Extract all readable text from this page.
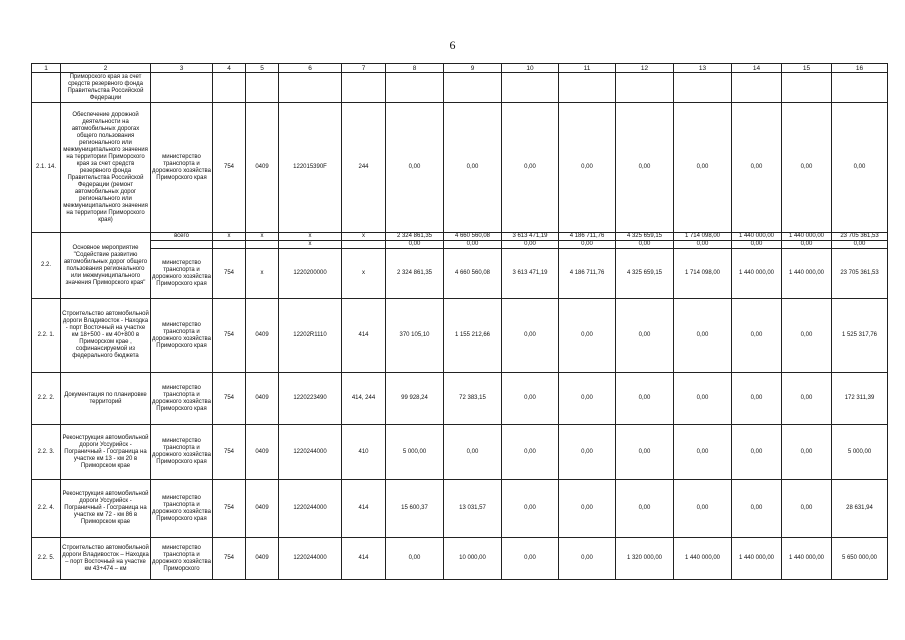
6
1	2	3	4	5	6	7	8	9	10	11	12	13	14	15	16
	Приморского края за счет средств резервного фонда Правительства Российской Федерации														
2.1. 14.	Обеспечение дорожной деятельности на автомобильных дорогах общего пользования регионального или межмуниципального значения на территории Приморского края за счет средств резервного фонда Правительства Российской Федерации (ремонт автомобильных дорог регионального или межмуниципального значения на территории Приморского края)	министерство транспорта и дорожного хозяйства Приморского края	754	0409	122015390F	244	0,00	0,00	0,00	0,00	0,00	0,00	0,00	0,00	0,00
2.2.	Основное мероприятие "Содействие развитию автомобильных дорог общего пользования регионального или межмуниципального значения Приморского края"	всего	x	x	x	x	2 324 861,35	4 660 560,08	3 613 471,19	4 186 711,76	4 325 659,15	1 714 098,00	1 440 000,00	1 440 000,00	23 705 361,53
					x		0,00	0,00	0,00	0,00	0,00	0,00	0,00	0,00	0,00
		министерство транспорта и дорожного хозяйства Приморского края	754	x	1220200000	x	2 324 861,35	4 660 560,08	3 613 471,19	4 186 711,76	4 325 659,15	1 714 098,00	1 440 000,00	1 440 000,00	23 705 361,53
2.2. 1.	Строительство автомобильной дороги Владивосток - Находка - порт Восточный на участке км 18+500 - км 40+800 в Приморском крае , софинансируемой из федерального бюджета	министерство транспорта и дорожного хозяйства Приморского края	754	0409	12202R1110	414	370 105,10	1 155 212,66	0,00	0,00	0,00	0,00	0,00	0,00	1 525 317,76
2.2. 2.	Документация по планировке территорий	министерство транспорта и дорожного хозяйства Приморского края	754	0409	1220223490	414, 244	99 928,24	72 383,15	0,00	0,00	0,00	0,00	0,00	0,00	172 311,39
2.2. 3.	Реконструкция автомобильной дороги Уссурийск - Пограничный - Госграница на участке км 13 - км 20 в Приморском крае	министерство транспорта и дорожного хозяйства Приморского края	754	0409	1220244000	410	5 000,00	0,00	0,00	0,00	0,00	0,00	0,00	0,00	5 000,00
2.2. 4.	Реконструкция автомобильной дороги Уссурийск - Пограничный - Госграница на участке км 72 - км 86 в Приморском крае	министерство транспорта и дорожного хозяйства Приморского края	754	0409	1220244000	414	15 600,37	13 031,57	0,00	0,00	0,00	0,00	0,00	0,00	28 631,94
2.2. 5.	Строительство автомобильной дороги Владивосток – Находка – порт Восточный на участке км 43+474 – км	министерство транспорта и дорожного хозяйства Приморского	754	0409	1220244000	414	0,00	10 000,00	0,00	0,00	1 320 000,00	1 440 000,00	1 440 000,00	1 440 000,00	5 650 000,00
